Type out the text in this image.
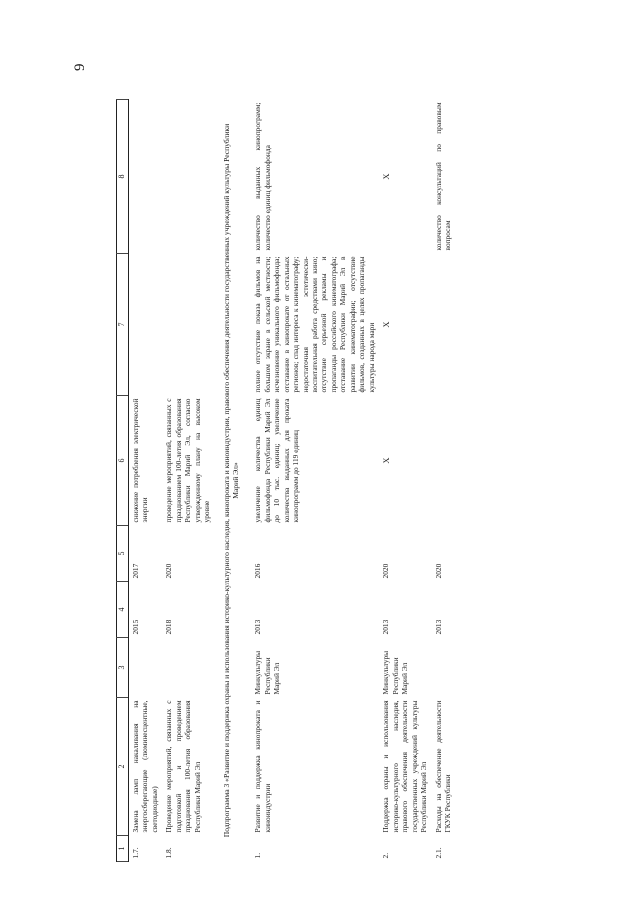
9
1	2	3	4	5	6	7	8
1.7.	Замена ламп накаливания на энергосберегающие (люминесцентные, светодиодные)		2015	2017	снижение потребления электрической энергии		
1.8.	Проведение мероприятий, связанных с подготовкой и проведением празднования 100-летия образования Республики Марий Эл		2018	2020	проведение мероприятий, связанных с празднованием 100-летия образования Республики Марий Эл, согласно утвержденному плану на высоком уровне		
Подпрограмма 3 «Развитие и поддержка охраны и использования историко-культурного наследия, кинопроката и киноиндустрии, правового обеспечения деятельности государственных учреждений культуры Республики Марий Эл»							
1.	Развитие и поддержка кинопроката и киноиндустрии	Минкультуры Республики Марий Эл	2013	2016	увеличение количества единиц фильмофонда Республики Марий Эл до 10 тыс. единиц; увеличение количества выданных для проката кинопрограмм до 119 единиц	полное отсутствие показа фильмов на большом экране в сельской местности; исчезновение уникального фильмофонда; отставание в кинопрокате от остальных регионов; спад интереса к кинематографу; недостаточная эстетически-воспитательная работа средствами кино; отсутствие серьезной рекламы и пропаганды российского кинематографа; отставание Республики Марий Эл в развитии кинематографии; отсутствие фильмов, созданных в целях пропаганды культуры народа мари	количество выданных кинопрограмм; количество единиц фильмофонда
2.	Поддержка охраны и использования историко-культурного наследия, правового обеспечения деятельности государственных учреждений культуры Республики Марий Эл	Минкультуры Республики Марий Эл	2013	2020	X	X	X
2.1.	Расходы на обеспечение деятельности ГКУК Республики		2013	2020			количество консультаций по правовым вопросам
